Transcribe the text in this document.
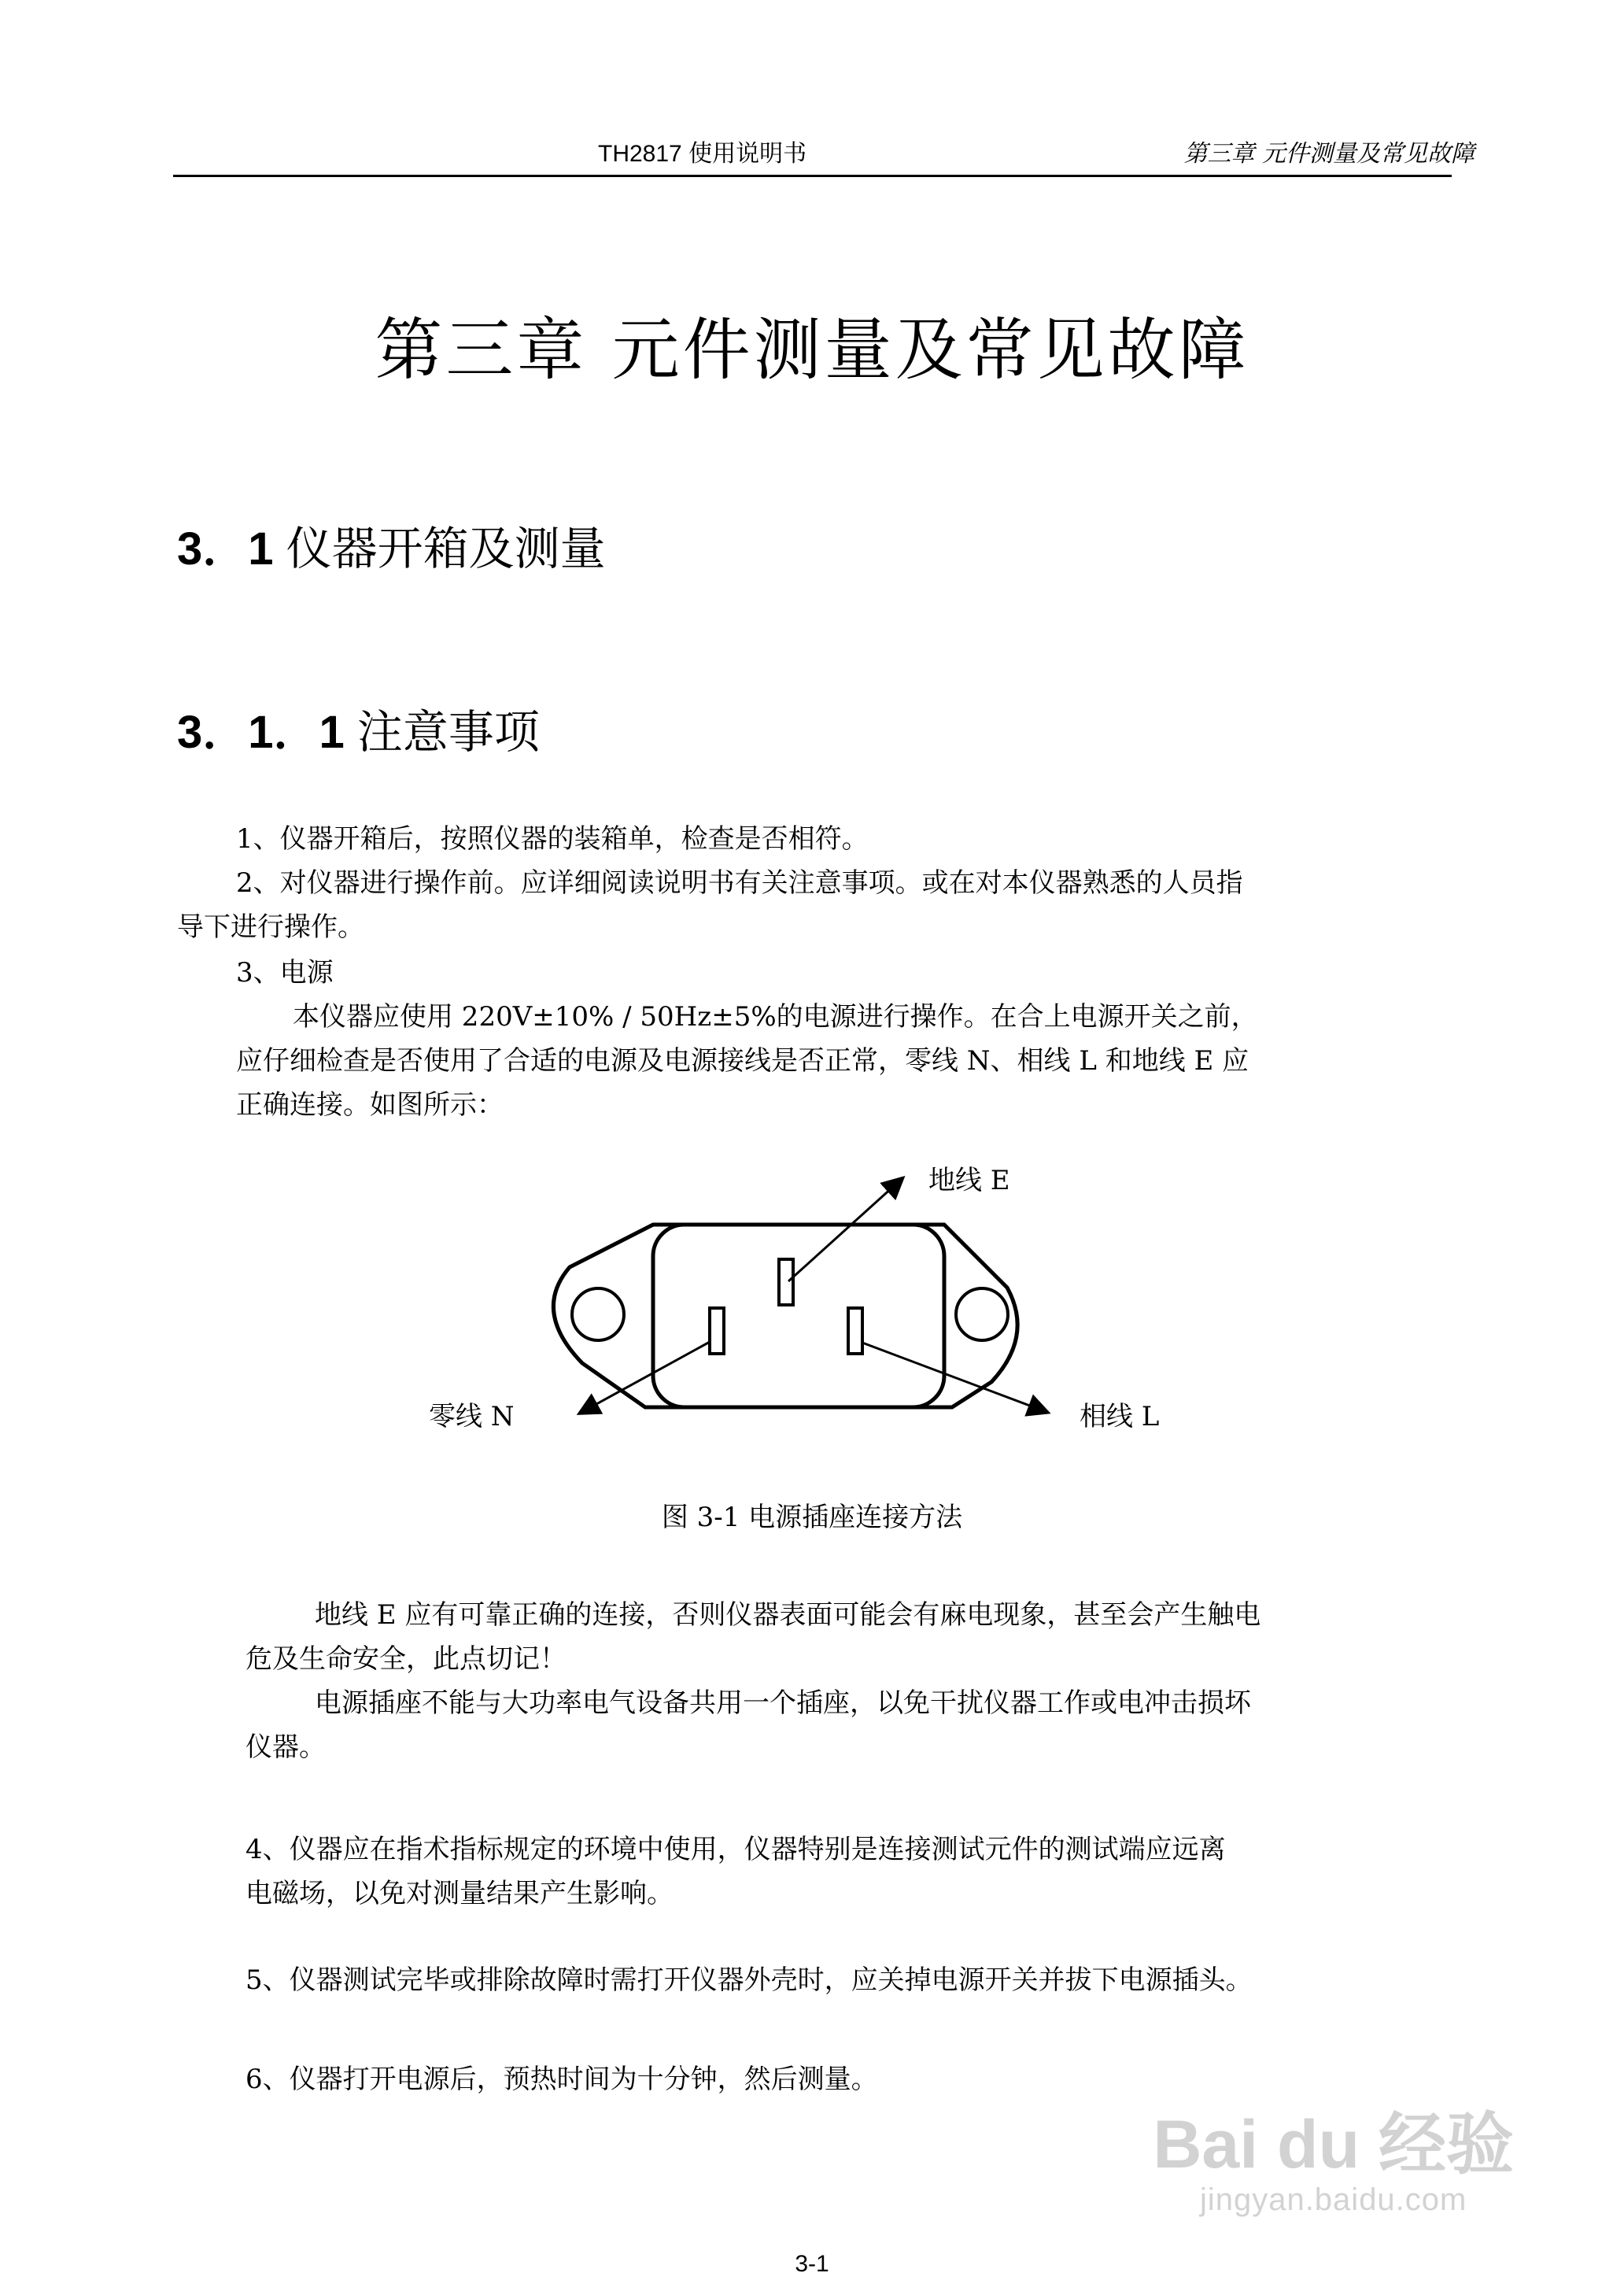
TH2817 使用说明书	第三章 元件测量及常见故障
第三章 元件测量及常见故障
3．1 仪器开箱及测量
3．1．1 注意事项
1、仪器开箱后，按照仪器的装箱单，检查是否相符。
2、对仪器进行操作前。应详细阅读说明书有关注意事项。或在对本仪器熟悉的人员指
导下进行操作。
3、电源
本仪器应使用 220V±10% / 50Hz±5%的电源进行操作。在合上电源开关之前，
应仔细检查是否使用了合适的电源及电源接线是否正常，零线 N、相线 L 和地线 E 应
正确连接。如图所示：
地线 E
零线 N	相线 L
图 3-1 电源插座连接方法
地线 E 应有可靠正确的连接，否则仪器表面可能会有麻电现象，甚至会产生触电
危及生命安全，此点切记！
电源插座不能与大功率电气设备共用一个插座，以免干扰仪器工作或电冲击损坏
仪器。
4、仪器应在指术指标规定的环境中使用，仪器特别是连接测试元件的测试端应远离
电磁场，以免对测量结果产生影响。
5、仪器测试完毕或排除故障时需打开仪器外壳时，应关掉电源开关并拔下电源插头。
6、仪器打开电源后，预热时间为十分钟，然后测量。
3-1
Bai du 经验
jingyan.baidu.com
